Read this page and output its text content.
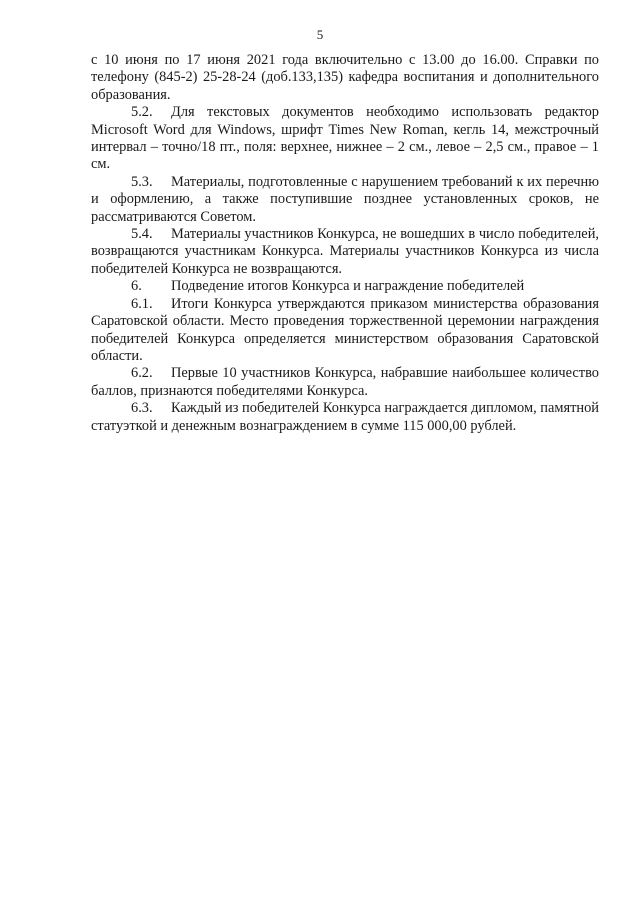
5

с 10 июня по 17 июня 2021 года включительно с 13.00 до 16.00. Справки по телефону (845-2) 25-28-24 (доб.133,135) кафедра воспитания и дополнительного образования.

5.2. Для текстовых документов необходимо использовать редактор Microsoft Word для Windows, шрифт Times New Roman, кегль 14, межстрочный интервал – точно/18 пт., поля: верхнее, нижнее – 2 см., левое – 2,5 см., правое – 1 см.

5.3. Материалы, подготовленные с нарушением требований к их перечню и оформлению, а также поступившие позднее установленных сроков, не рассматриваются Советом.

5.4. Материалы участников Конкурса, не вошедших в число победителей, возвращаются участникам Конкурса. Материалы участников Конкурса из числа победителей Конкурса не возвращаются.

6. Подведение итогов Конкурса и награждение победителей

6.1. Итоги Конкурса утверждаются приказом министерства образования Саратовской области. Место проведения торжественной церемонии награждения победителей Конкурса определяется министерством образования Саратовской области.

6.2. Первые 10 участников Конкурса, набравшие наибольшее количество баллов, признаются победителями Конкурса.

6.3. Каждый из победителей Конкурса награждается дипломом, памятной статуэткой и денежным вознаграждением в сумме 115 000,00 рублей.
